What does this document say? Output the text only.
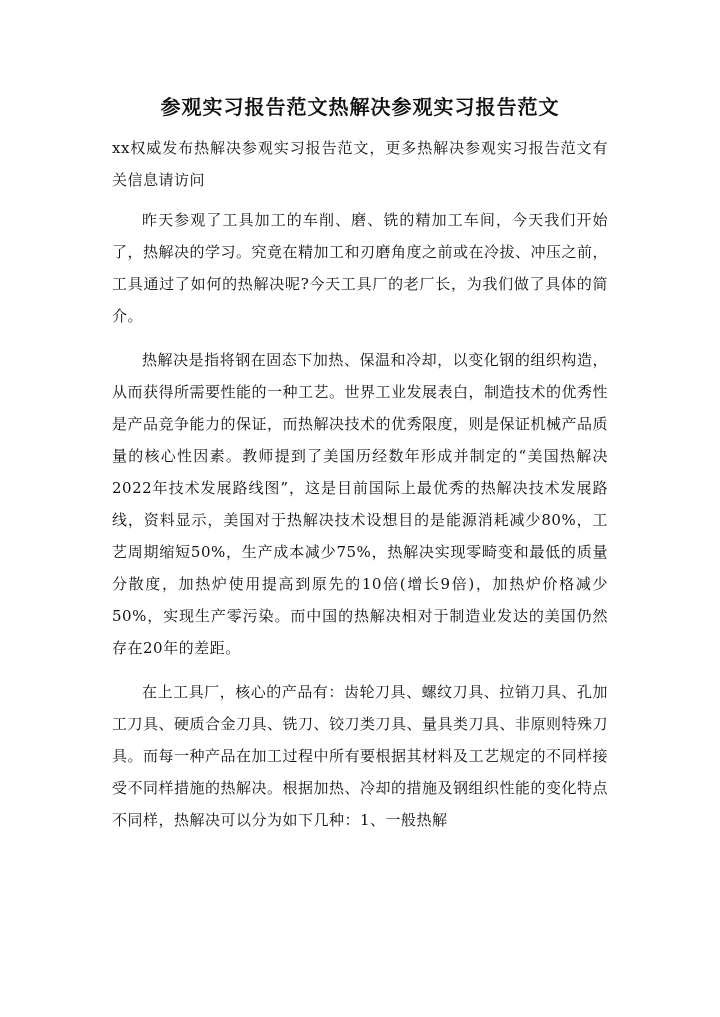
参观实习报告范文热解决参观实习报告范文

xx权威发布热解决参观实习报告范文，更多热解决参观实习报告范文有关信息请访问

昨天参观了工具加工的车削、磨、铣的精加工车间，今天我们开始了，热解决的学习。究竟在精加工和刃磨角度之前或在冷拔、冲压之前，工具通过了如何的热解决呢?今天工具厂的老厂长，为我们做了具体的简介。

热解决是指将钢在固态下加热、保温和冷却，以变化钢的组织构造，从而获得所需要性能的一种工艺。世界工业发展表白，制造技术的优秀性是产品竞争能力的保证，而热解决技术的优秀限度，则是保证机械产品质量的核心性因素。教师提到了美国历经数年形成并制定的“美国热解决2022年技术发展路线图”，这是目前国际上最优秀的热解决技术发展路线，资料显示，美国对于热解决技术设想目的是能源消耗减少80%，工艺周期缩短50%，生产成本减少75%，热解决实现零畸变和最低的质量分散度，加热炉使用提高到原先的10倍(增长9倍)，加热炉价格减少50%，实现生产零污染。而中国的热解决相对于制造业发达的美国仍然存在20年的差距。

在上工具厂，核心的产品有：齿轮刀具、螺纹刀具、拉销刀具、孔加工刀具、硬质合金刀具、铣刀、铰刀类刀具、量具类刀具、非原则特殊刀具。而每一种产品在加工过程中所有要根据其材料及工艺规定的不同样接受不同样措施的热解决。根据加热、冷却的措施及钢组织性能的变化特点不同样，热解决可以分为如下几种：1、一般热解
